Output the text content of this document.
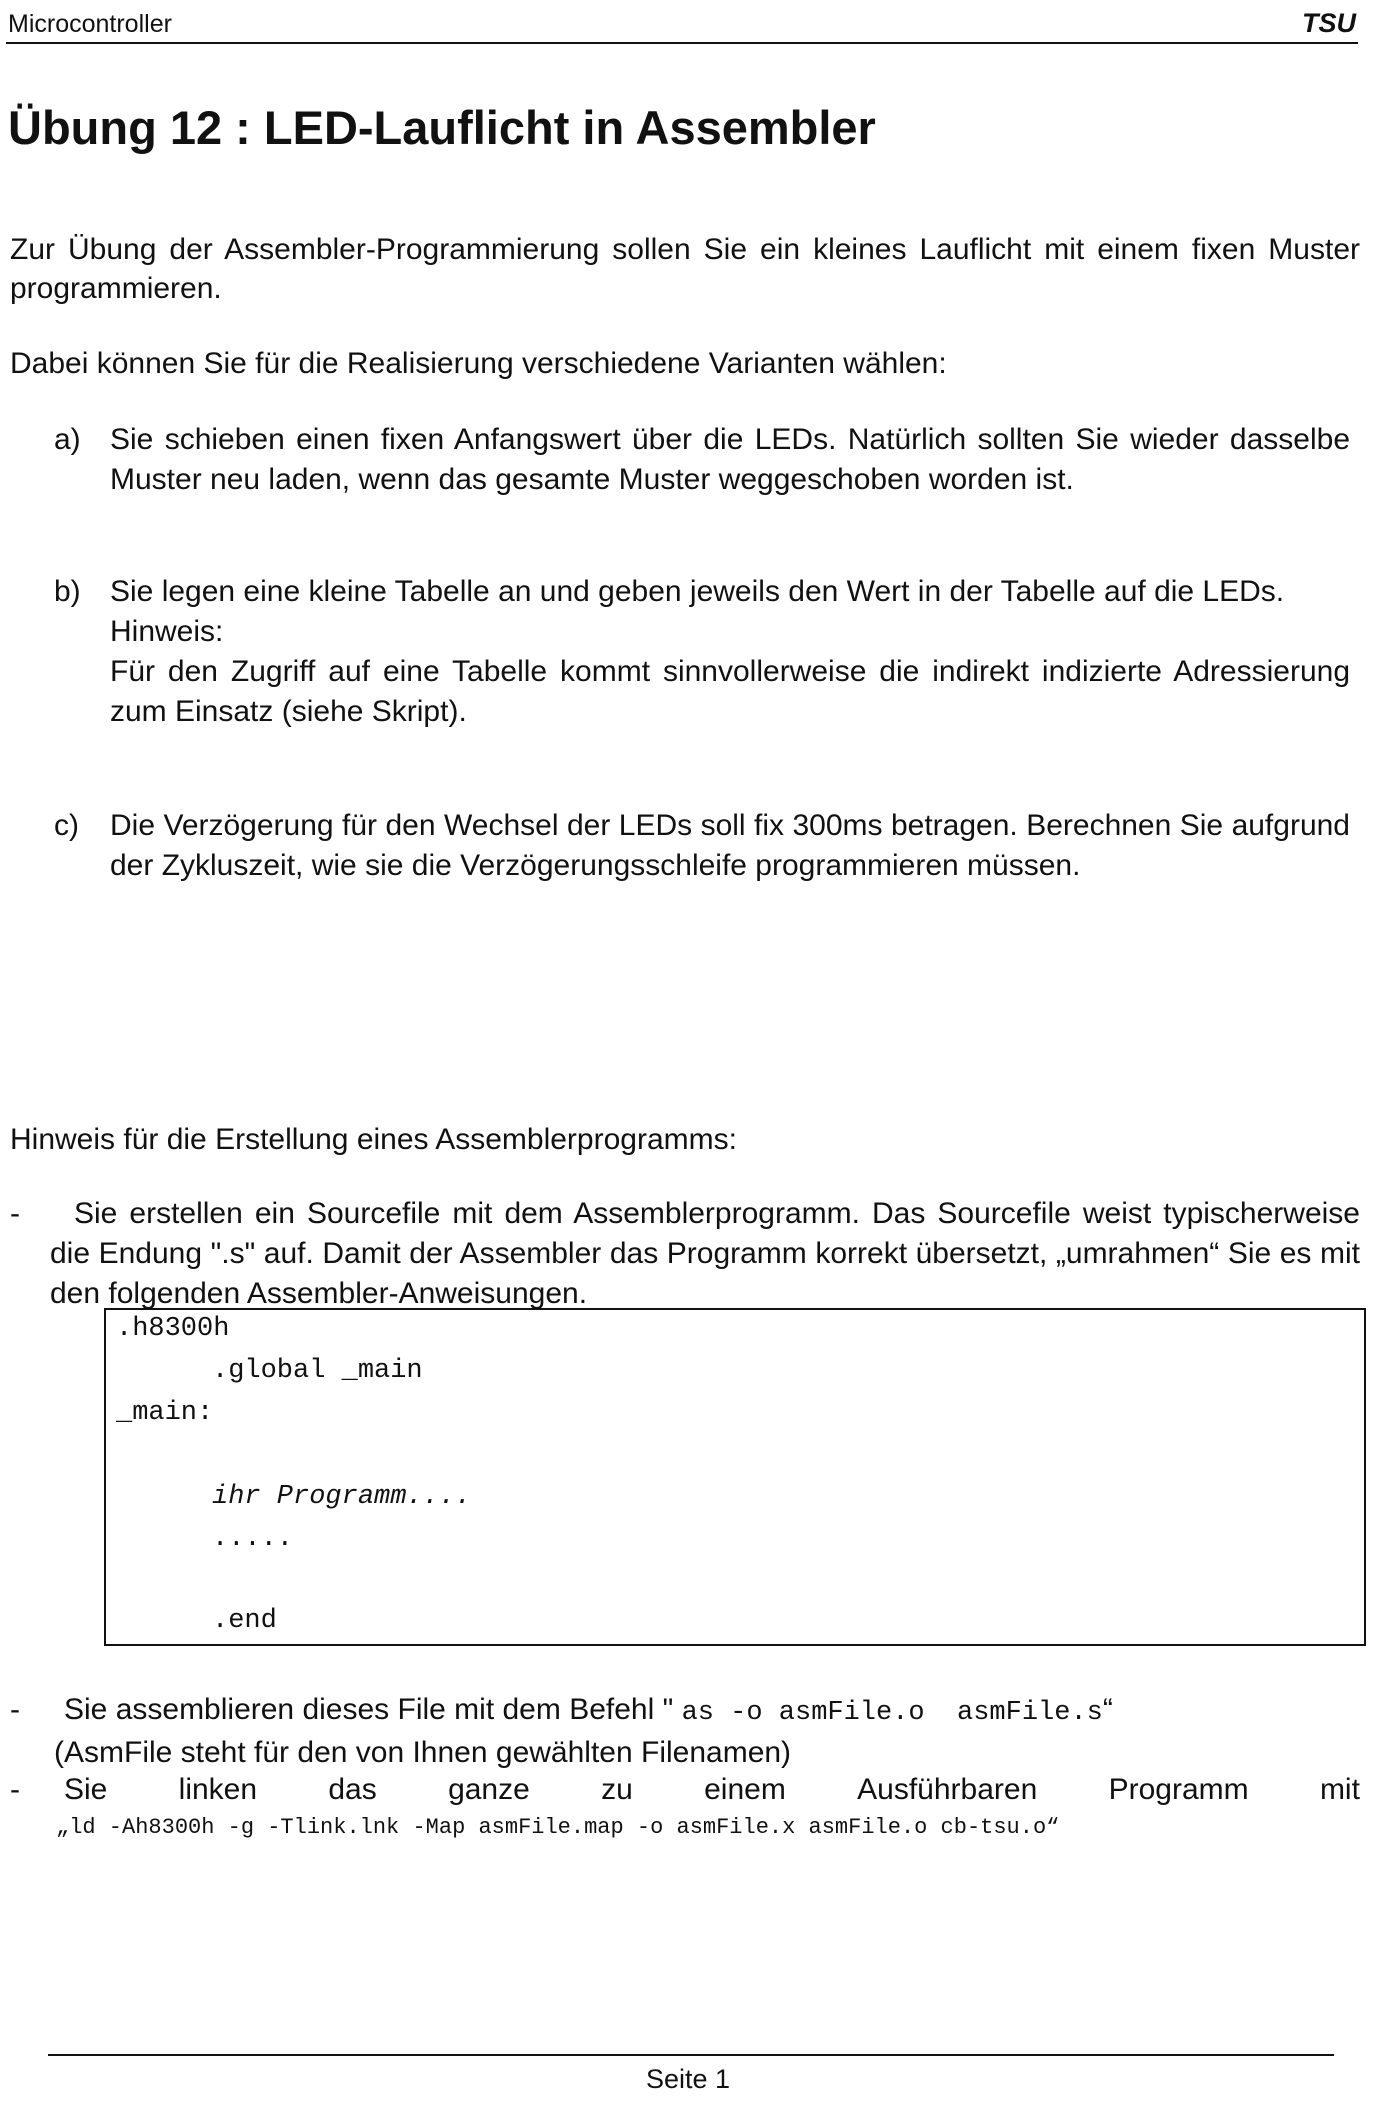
Microcontroller	TSU
Übung 12 : LED-Lauflicht in Assembler
Zur Übung der Assembler-Programmierung sollen Sie ein kleines Lauflicht mit einem fixen Muster programmieren.
Dabei können Sie für die Realisierung verschiedene Varianten wählen:
a) Sie schieben einen fixen Anfangswert über die LEDs. Natürlich sollten Sie wieder dasselbe Muster neu laden, wenn das gesamte Muster weggeschoben worden ist.
b) Sie legen eine kleine Tabelle an und geben jeweils den Wert in der Tabelle auf die LEDs.

Hinweis:

Für den Zugriff auf eine Tabelle kommt sinnvollerweise die indirekt indizierte Adressierung zum Einsatz (siehe Skript).

c) Die Verzögerung für den Wechsel der LEDs soll fix 300ms betragen. Berechnen Sie aufgrund der Zykluszeit, wie sie die Verzögerungsschleife programmieren müssen.
Hinweis für die Erstellung eines Assemblerprogramms:
-	Sie erstellen ein Sourcefile mit dem Assemblerprogramm. Das Sourcefile weist typischerweise die Endung ".s" auf. Damit der Assembler das Programm korrekt übersetzt, „umrahmen“ Sie es mit den folgenden Assembler-Anweisungen.
.h8300h
.global _main
_main:
ihr Programm....
.....
.end
- Sie assemblieren dieses File mit dem Befehl " as -o asmFile.o  asmFile.s“
(AsmFile steht für den von Ihnen gewählten Filenamen)
- Sie linken das ganze zu einem Ausführbaren Programm mit
„ld -Ah8300h -g -Tlink.lnk -Map asmFile.map -o asmFile.x asmFile.o cb-tsu.o“
Seite 1
